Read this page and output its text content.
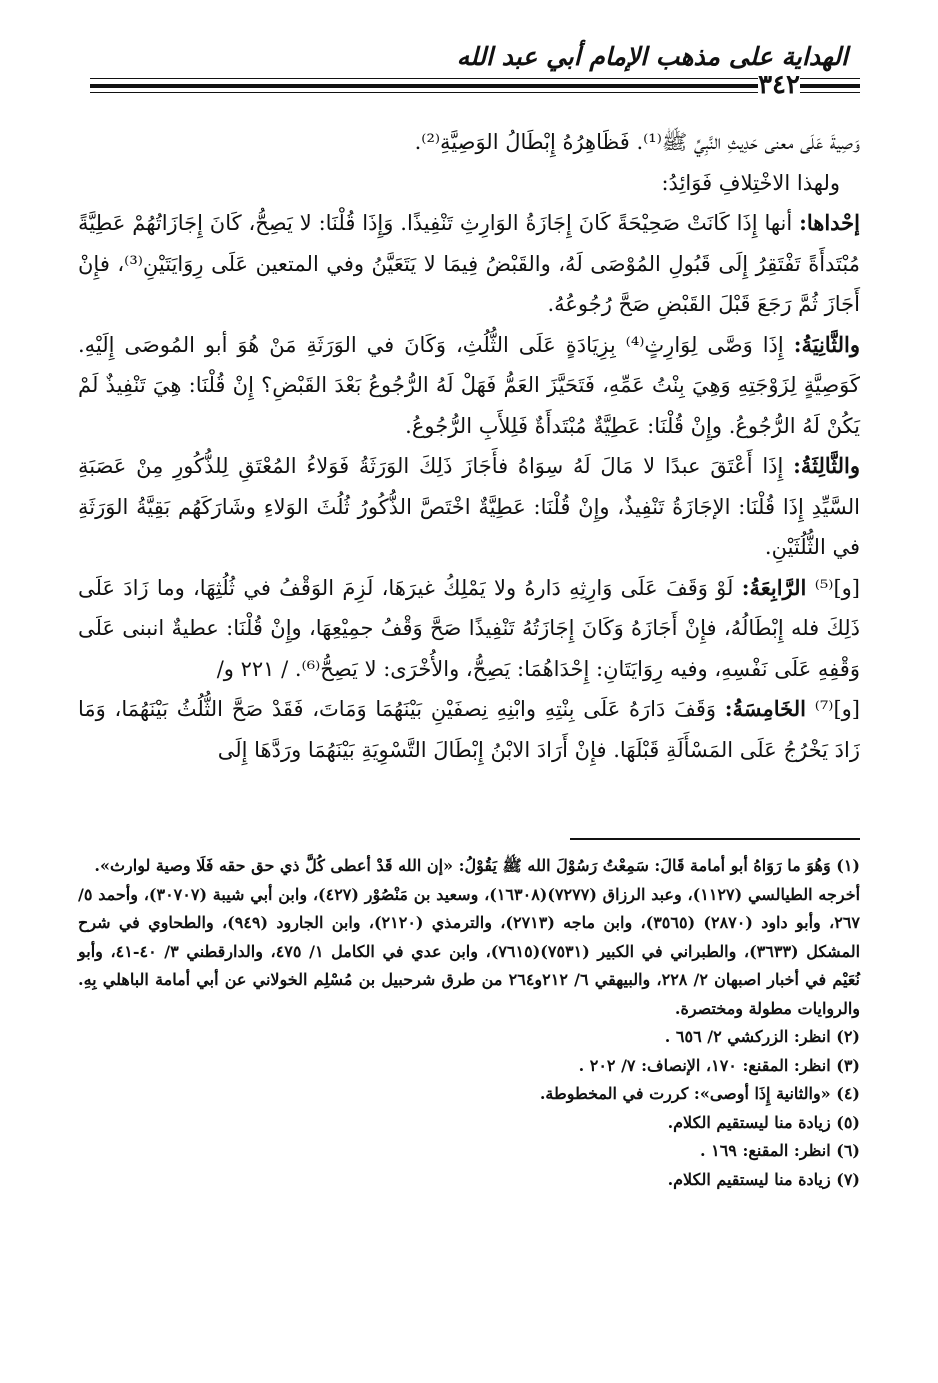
الهداية على مذهب الإمام أبي عبد الله
٣٤٢

وَصِيةَ عَلَى معنى حَدِيثِ النَّبِيِّ ﷺ⁽¹⁾. فَظَاهِرُهُ إِبْطَالُ الوَصِيَّةِ⁽²⁾.

ولهذا الاخْتِلافِ فَوَائِدُ:

إحْداها: أنها إِذَا كَانَتْ صَحِيْحَةً كَانَ إِجَازَةُ الوَارِثِ تَنْفِيذًا. وَإِذَا قُلْنَا: لا يَصِحُّ، كَانَ إِجَازَاتُهُمْ عَطِيَّةً مُبْتَدأَةً تَفْتَقِرُ إِلَى قَبُولِ المُوْصَى لَهُ، والقَبْضُ فِيمَا لا يَتَعَيَّنُ وفي المتعين عَلَى رِوَايَتَيْنِ⁽³⁾، فإِنْ أَجَازَ ثُمَّ رَجَعَ قَبْلَ القَبْضِ صَحَّ رُجُوعُهُ.

والثَّانِيَةُ: إِذَا وَصَّى لِوَارِثٍ⁽⁴⁾ بِزِيَادَةٍ عَلَى الثُّلُثِ، وَكَانَ في الوَرَثَةِ مَنْ هُوَ أبو المُوصَى إِلَيْهِ. كَوَصِيَّةٍ لِزَوْجَتِهِ وَهِيَ بِنْتُ عَمِّهِ، فَتَحَيَّزَ العَمُّ فَهَلْ لَهُ الرُّجُوعُ بَعْدَ القَبْضِ؟ إِنْ قُلْنَا: هِيَ تَنْفِيذٌ لَمْ يَكُنْ لَهُ الرُّجُوعُ. وإِنْ قُلْنَا: عَطِيَّةٌ مُبْتَدأَةٌ فَلِلأَبِ الرُّجُوعُ.

والثَّالِثَةُ: إِذَا أَعْتَقَ عبدًا لا مَالَ لَهُ سِوَاهُ فأَجَازَ ذَلِكَ الوَرَثَةُ فَوَلاءُ المُعْتَقِ لِلذُّكُورِ مِنْ عَصَبَةِ السَّيِّدِ إِذَا قُلْنَا: الإجَازَةُ تَنْفِيذٌ، وإِنْ قُلْنَا: عَطِيَّةٌ اخْتَصَّ الذُّكُورُ ثُلُثَ الوَلاءِ وشَارَكَهُم بَقِيَّةُ الوَرَثَةِ في الثُّلُثَيْنِ.

[و]⁽⁵⁾ الرَّابِعَةُ: لَوْ وَقَفَ عَلَى وَارِثِهِ دَارهُ ولا يَمْلِكُ غيرَهَا، لَزِمَ الوَقْفُ في ثُلُثِهَا، وما زَادَ عَلَى ذَلِكَ فله إِبْطَالُهُ، فإِنْ أَجَازَهُ وَكَانَ إِجَازَتُهُ تَنْفِيذًا صَحَّ وَقْفُ جمِيْعِهَا، وإِنْ قُلْنَا: عطيةٌ انبنى عَلَى وَقْفِهِ عَلَى نَفْسِهِ، وفيه رِوَايَتَانِ: إِحْدَاهُمَا: يَصِحُّ، والأُخْرَى: لا يَصِحُّ⁽⁶⁾. / ٢٢١ و/

[و]⁽⁷⁾ الخَامِسَةُ: وَقَفَ دَارَهُ عَلَى بِنْتِهِ وابْنِهِ نِصفَيْنِ بَيْنَهُمَا وَمَاتَ، فَقَدْ صَحَّ الثُّلُثُ بَيْنَهُمَا، وَمَا زَادَ يَخْرُجُ عَلَى المَسْأَلَةِ قَبْلَهَا. فإِنْ أَرَادَ الابْنُ إِبْطَالَ التَّسْوِيَةِ بَيْنَهُمَا ورَدَّهَا إِلَى

(١) وَهُوَ ما رَوَاهُ أبو أمامة قَالَ: سَمِعْتُ رَسُوْلَ الله ﷺ يَقُوْلُ: «إن الله قَدْ أعطى كُلَّ ذي حق حقه فَلَا وصية لوارث».

أخرجه الطيالسي (١١٢٧)، وعبد الرزاق (٧٢٧٧)(١٦٣٠٨)، وسعيد بن مَنْصُوْر (٤٢٧)، وابن أبي شيبة (٣٠٧٠٧)، وأحمد ٥/ ٢٦٧، وأبو داود (٢٨٧٠) (٣٥٦٥)، وابن ماجه (٢٧١٣)، والترمذي (٢١٢٠)، وابن الجارود (٩٤٩)، والطحاوي في شرح المشكل (٣٦٣٣)، والطبراني في الكبير (٧٥٣١)(٧٦١٥)، وابن عدي في الكامل ١/ ٤٧٥، والدارقطني ٣/ ٤٠-٤١، وأبو نُعَيْم في أخبار اصبهان ٢/ ٢٢٨، والبيهقي ٦/ ٢١٢و٢٦٤ من طرق شرحبيل بن مُسْلِم الخولاني عن أبي أمامة الباهلي بِهِ. والروايات مطولة ومختصرة.

(٢) انظر: الزركشي ٢/ ٦٥٦ .

(٣) انظر: المقنع: ١٧٠، الإنصاف: ٧/ ٢٠٢ .

(٤) «والثانية إِذَا أوصى»: كررت في المخطوطة.

(٥) زيادة منا ليستقيم الكلام.

(٦) انظر: المقنع: ١٦٩ .

(٧) زيادة منا ليستقيم الكلام.
